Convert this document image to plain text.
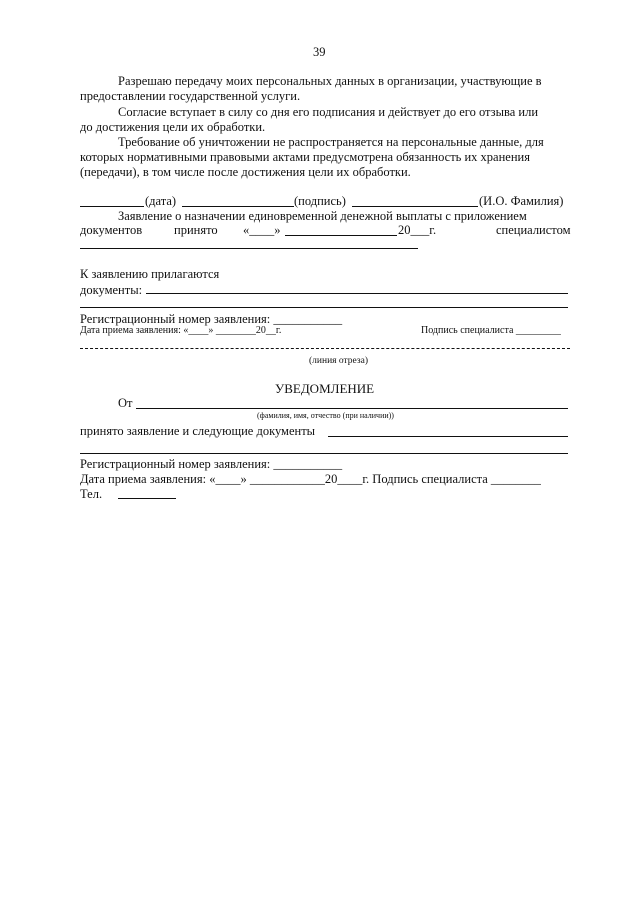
39
Разрешаю передачу моих персональных данных в организации, участвующие в
предоставлении государственной услуги.
Согласие вступает в силу со дня его подписания и действует до его отзыва или
до достижения цели их обработки.
Требование об уничтожении не распространяется на персональные данные, для
которых нормативными правовыми актами предусмотрена обязанность их хранения
(передачи), в том числе после достижения цели их обработки.
(дата)	(подпись)	(И.О. Фамилия)
Заявление о назначении единовременной денежной выплаты с приложением
документов	принято «____»	20___г.	специалистом
К заявлению прилагаются
документы:
Регистрационный номер заявления: ___________
Дата приема заявления: «____» ________20__г.	Подпись специалиста _________
(линия отреза)
УВЕДОМЛЕНИЕ
От
(фамилия, имя, отчество (при наличии))
принято заявление и следующие документы
Регистрационный номер заявления: ___________
Дата приема заявления: «____» ____________20____г. Подпись специалиста ________
Тел.
